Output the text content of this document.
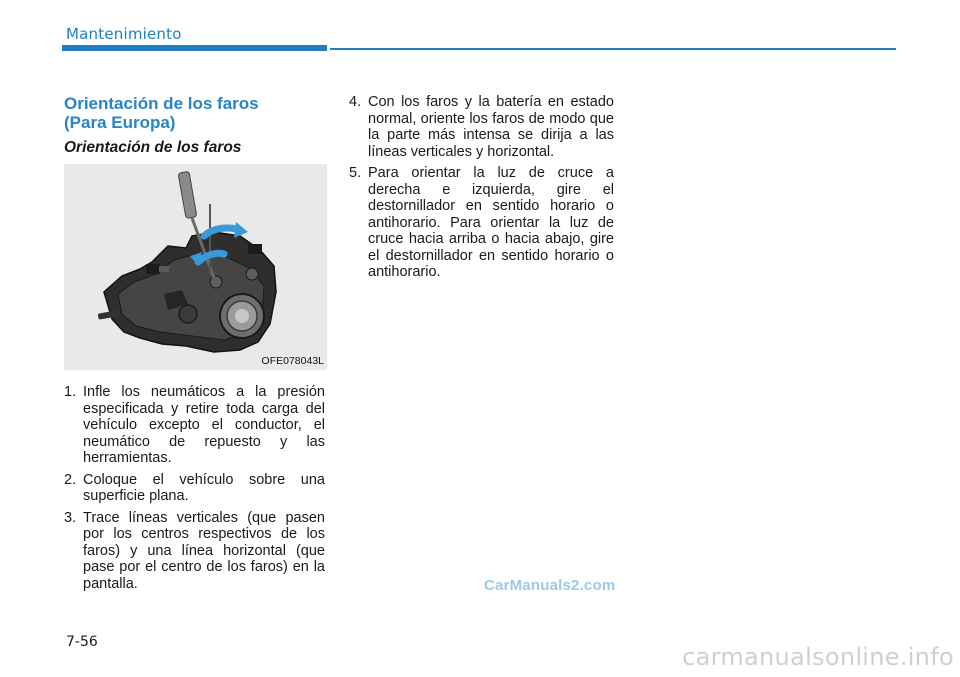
Mantenimiento
Orientación de los faros
(Para Europa)
Orientación de los faros
OFE078043L
1. Infle los neumáticos a la presión especificada y retire toda carga del vehículo excepto el conductor, el neumático de repuesto y las herramientas.
2. Coloque el vehículo sobre una superficie plana.
3. Trace líneas verticales (que pasen por los centros respectivos de los faros) y una línea horizontal (que pase por el centro de los faros) en la pantalla.
4. Con los faros y la batería en estado normal, oriente los faros de modo que la parte más intensa se dirija a las líneas verticales y horizontal.
5. Para orientar la luz de cruce a derecha e izquierda, gire el destornillador en sentido horario o antihorario. Para orientar la luz de cruce hacia arriba o hacia abajo, gire el destornillador en sentido horario o antihorario.
CarManuals2.com
7-56
carmanualsonline.info
